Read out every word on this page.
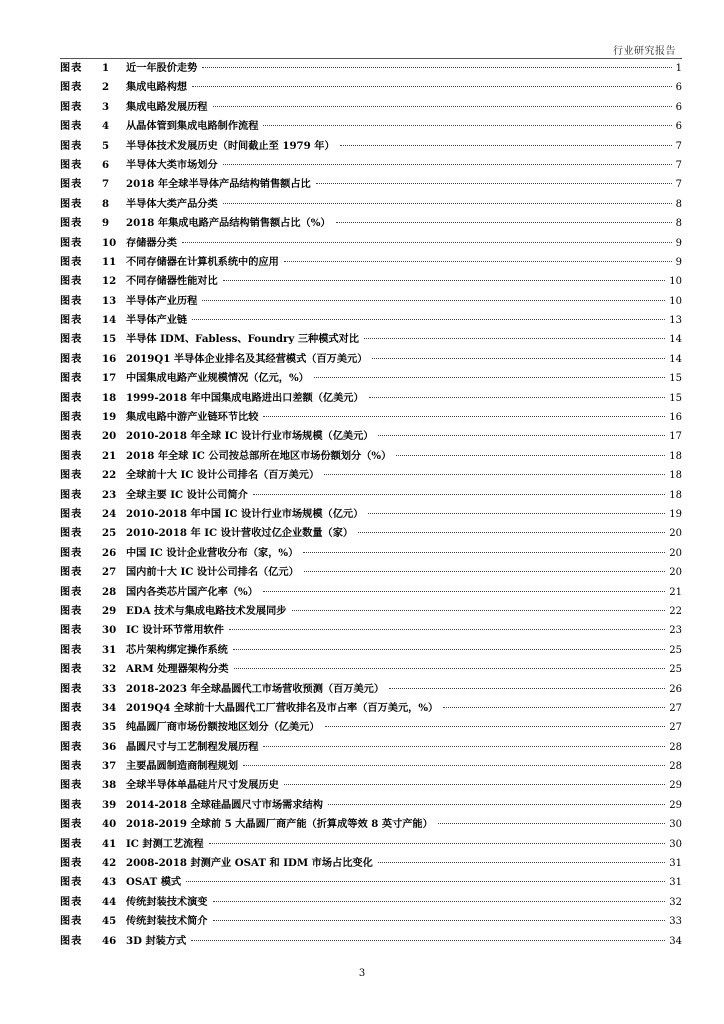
行业研究报告
图表	1	近一年股价走势	1
图表	2	集成电路构想	6
图表	3	集成电路发展历程	6
图表	4	从晶体管到集成电路制作流程	6
图表	5	半导体技术发展历史（时间截止至 1979 年）	7
图表	6	半导体大类市场划分	7
图表	7	2018 年全球半导体产品结构销售额占比	7
图表	8	半导体大类产品分类	8
图表	9	2018 年集成电路产品结构销售额占比（%）	8
图表	10 存储器分类	9
图表	11 不同存储器在计算机系统中的应用	9
图表	12 不同存储器性能对比	10
图表	13 半导体产业历程	10
图表	14 半导体产业链	13
图表	15 半导体 IDM、Fabless、Foundry 三种模式对比	14
图表	16 2019Q1 半导体企业排名及其经营模式（百万美元）	14
图表	17 中国集成电路产业规模情况（亿元，%）	15
图表	18 1999-2018 年中国集成电路进出口差额（亿美元）	15
图表	19 集成电路中游产业链环节比较	16
图表	20 2010-2018 年全球 IC 设计行业市场规模（亿美元）	17
图表	21 2018 年全球 IC 公司按总部所在地区市场份额划分（%）	18
图表	22 全球前十大 IC 设计公司排名（百万美元）	18
图表	23 全球主要 IC 设计公司简介	18
图表	24 2010-2018 年中国 IC 设计行业市场规模（亿元）	19
图表	25 2010-2018 年 IC 设计营收过亿企业数量（家）	20
图表	26 中国 IC 设计企业营收分布（家，%）	20
图表	27 国内前十大 IC 设计公司排名（亿元）	20
图表	28 国内各类芯片国产化率（%）	21
图表	29 EDA 技术与集成电路技术发展同步	22
图表	30 IC 设计环节常用软件	23
图表	31 芯片架构绑定操作系统	25
图表	32 ARM 处理器架构分类	25
图表	33 2018-2023 年全球晶圆代工市场营收预测（百万美元）	26
图表	34 2019Q4 全球前十大晶圆代工厂营收排名及市占率（百万美元，%）	27
图表	35 纯晶圆厂商市场份额按地区划分（亿美元）	27
图表	36 晶圆尺寸与工艺制程发展历程	28
图表	37 主要晶圆制造商制程规划	28
图表	38 全球半导体单晶硅片尺寸发展历史	29
图表	39 2014-2018 全球硅晶圆尺寸市场需求结构	29
图表	40 2018-2019 全球前 5 大晶圆厂商产能（折算成等效 8 英寸产能）	30
图表	41 IC 封测工艺流程	30
图表	42 2008-2018 封测产业 OSAT 和 IDM 市场占比变化	31
图表	43 OSAT 模式	31
图表	44 传统封装技术演变	32
图表	45 传统封装技术简介	33
图表	46 3D 封装方式	34
3
